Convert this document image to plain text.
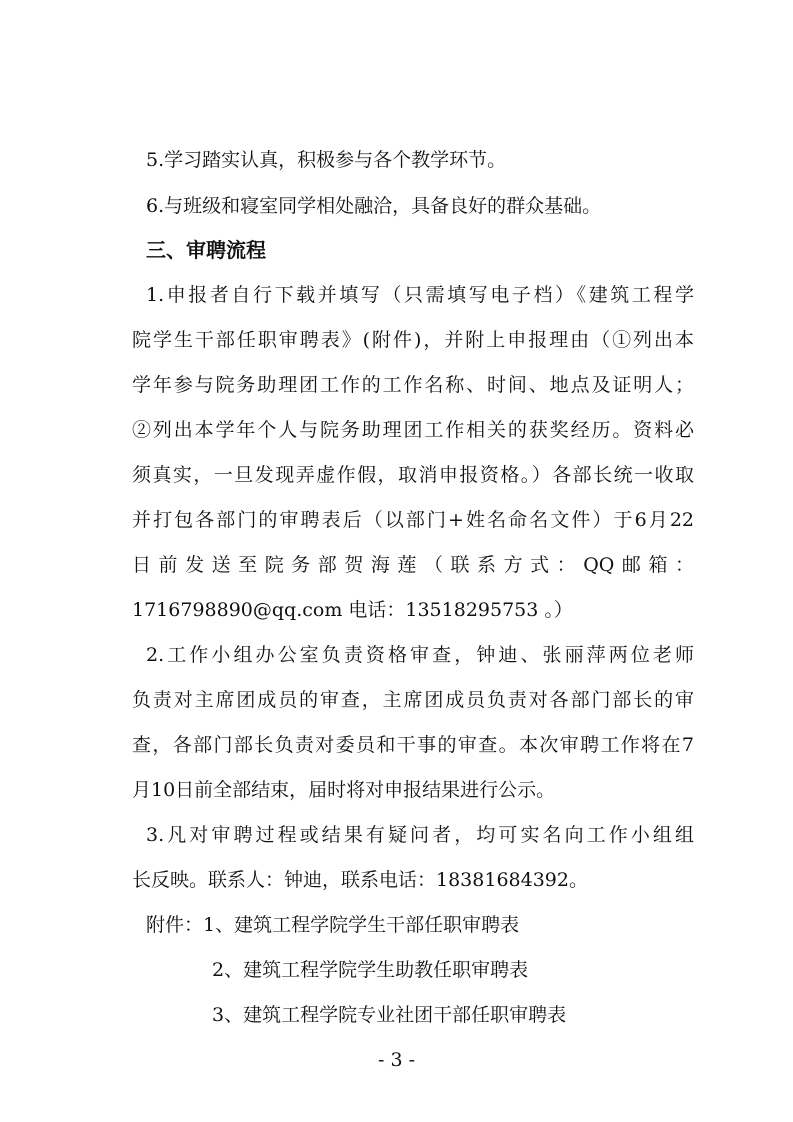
5.学习踏实认真，积极参与各个教学环节。

6.与班级和寝室同学相处融洽，具备良好的群众基础。

三、审聘流程

1.申报者自行下载并填写（只需填写电子档）《建筑工程学

院学生干部任职审聘表》(附件)，并附上申报理由（①列出本

学年参与院务助理团工作的工作名称、时间、地点及证明人；

②列出本学年个人与院务助理团工作相关的获奖经历。资料必

须真实，一旦发现弄虚作假，取消申报资格。）各部长统一收取

并打包各部门的审聘表后（以部门+姓名命名文件）于6月22

日前发送至院务部贺海莲（联系方式：QQ邮箱：

1716798890@qq.com 电话：13518295753 。）

2.工作小组办公室负责资格审查，钟迪、张丽萍两位老师

负责对主席团成员的审查，主席团成员负责对各部门部长的审

查，各部门部长负责对委员和干事的审查。本次审聘工作将在7

月10日前全部结束，届时将对申报结果进行公示。

3.凡对审聘过程或结果有疑问者，均可实名向工作小组组

长反映。联系人：钟迪，联系电话：18381684392。

附件：1、建筑工程学院学生干部任职审聘表

2、建筑工程学院学生助教任职审聘表

3、建筑工程学院专业社团干部任职审聘表

- 3 -
